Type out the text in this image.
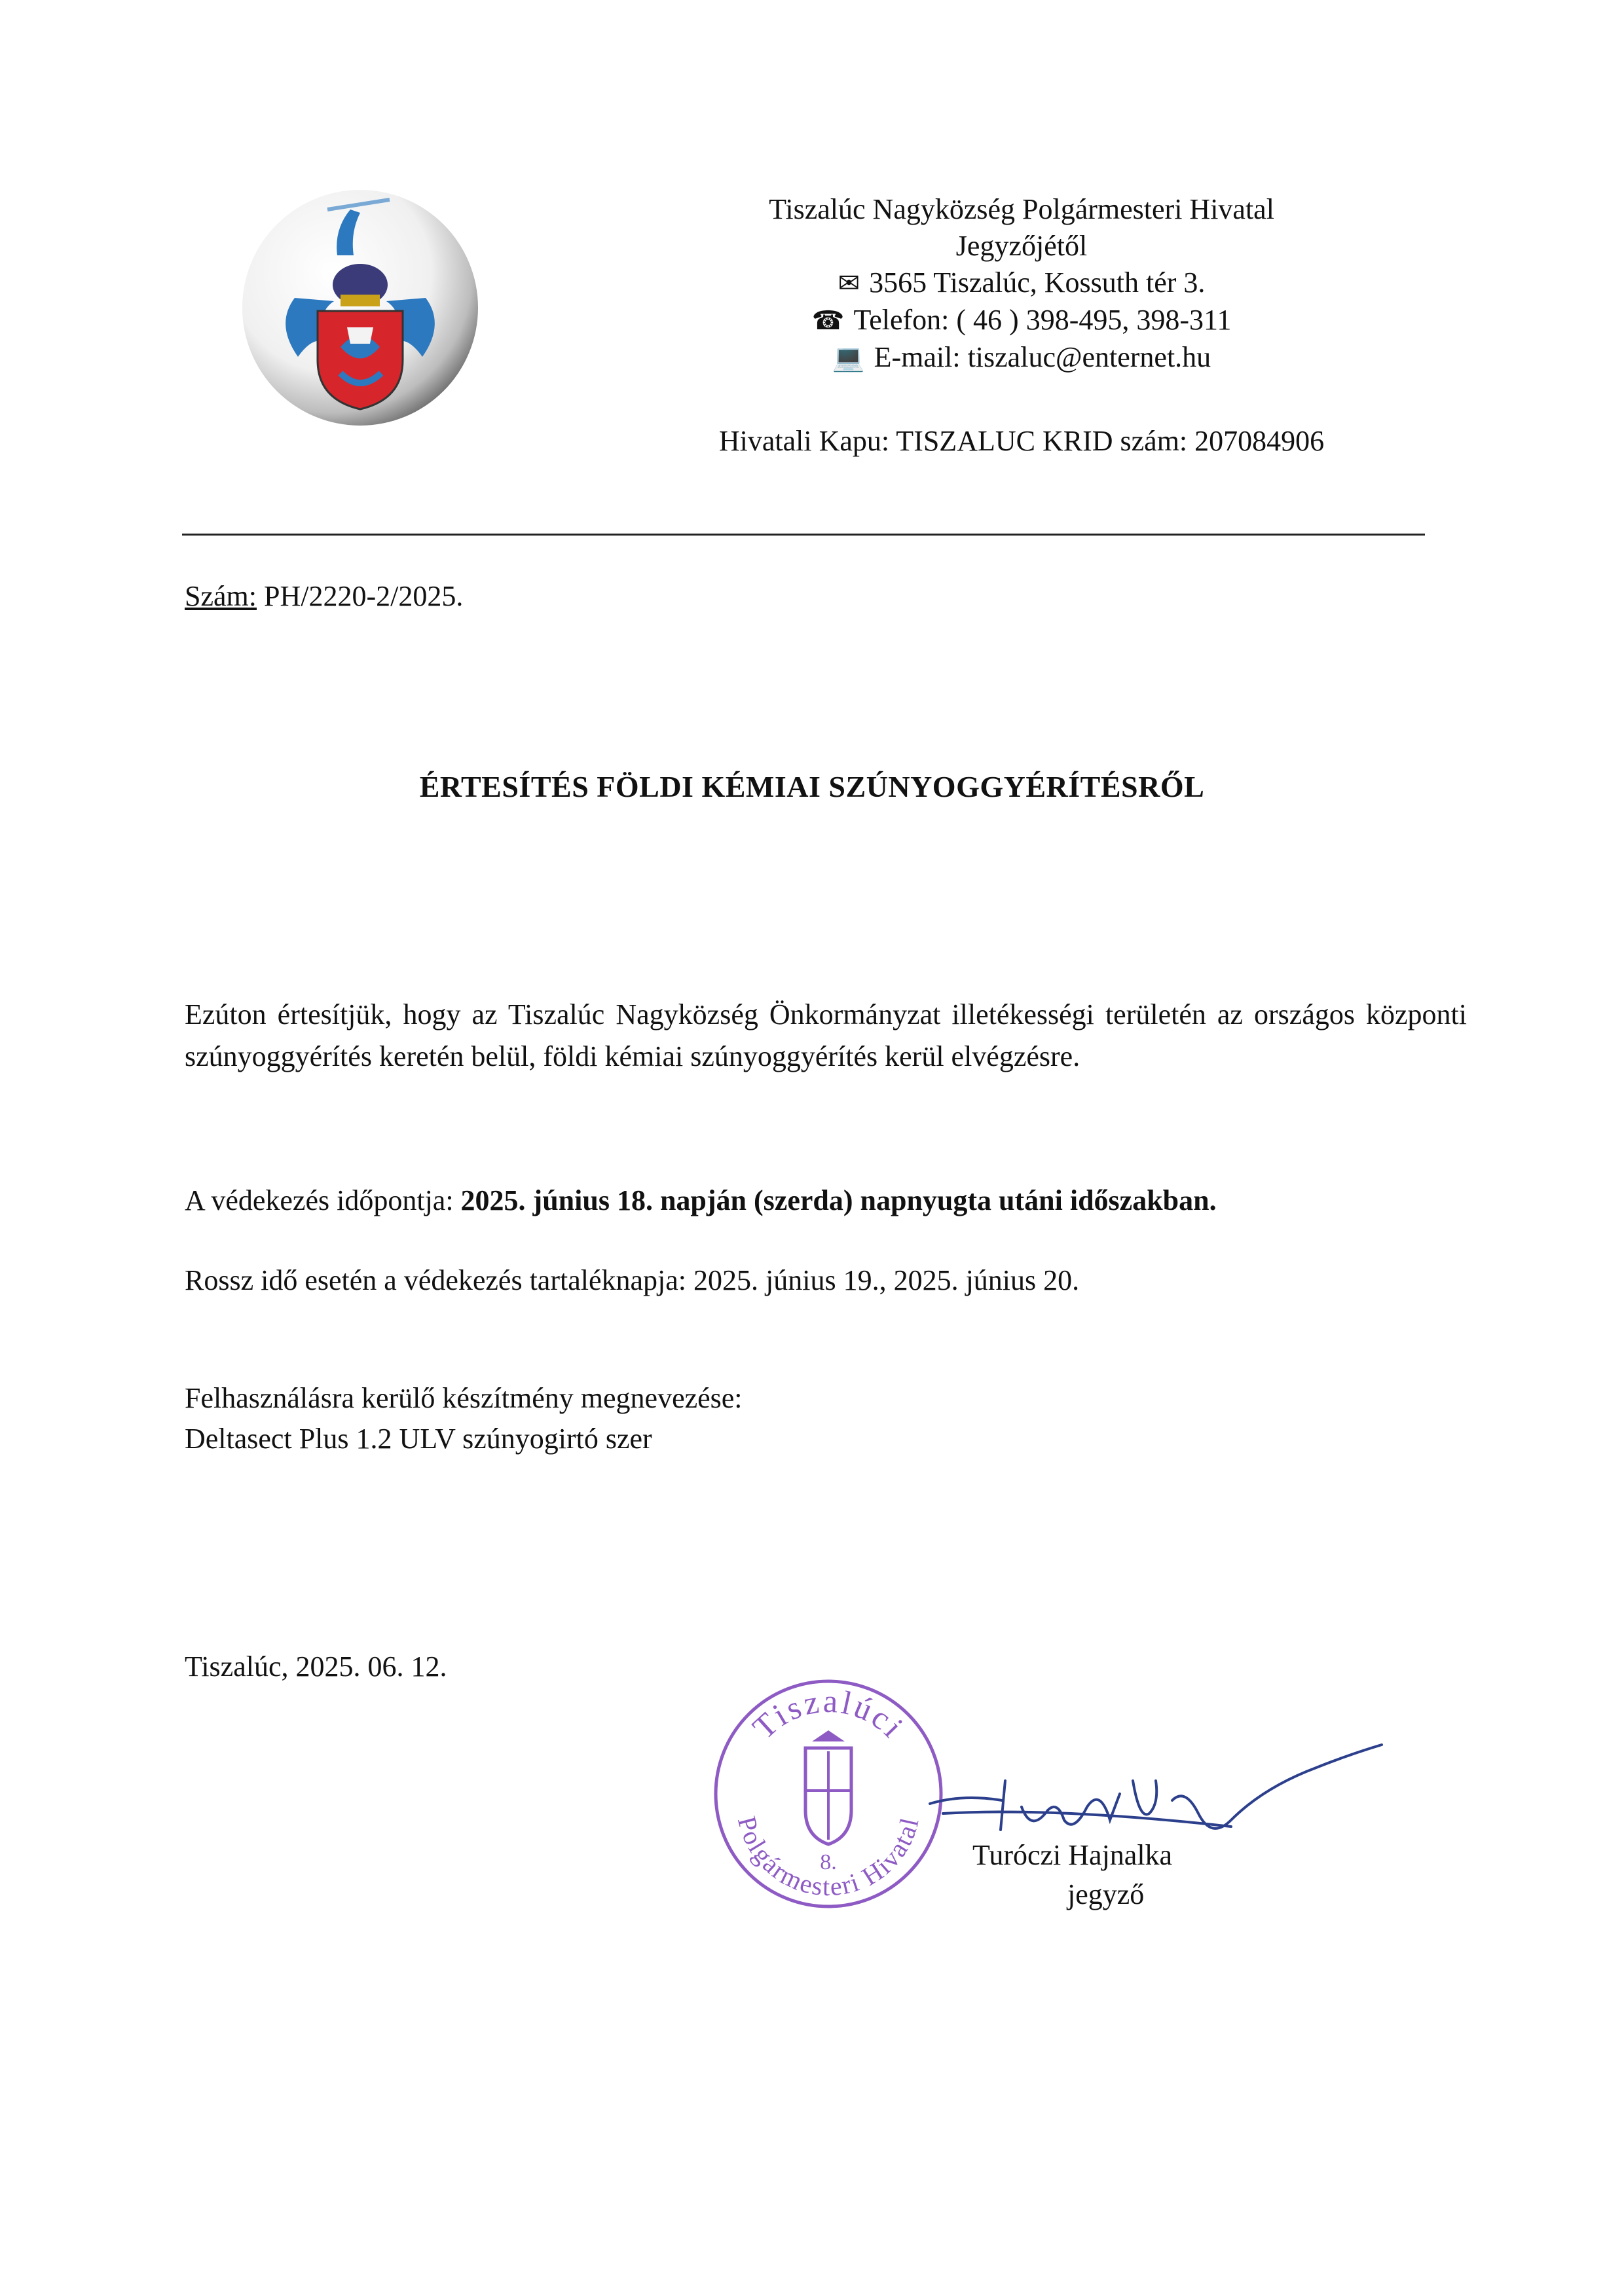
Tiszalúc Nagyközség Polgármesteri Hivatal
Jegyzőjétől
✉ 3565 Tiszalúc, Kossuth tér 3.
☎ Telefon: ( 46 ) 398-495, 398-311
💻 E-mail: tiszaluc@enternet.hu
Hivatali Kapu: TISZALUC KRID szám: 207084906
Szám: PH/2220-2/2025.
ÉRTESÍTÉS FÖLDI KÉMIAI SZÚNYOGGYÉRÍTÉSRŐL
Ezúton értesítjük, hogy az Tiszalúc Nagyközség Önkormányzat illetékességi területén az országos központi szúnyoggyérítés keretén belül, földi kémiai szúnyoggyérítés kerül elvégzésre.
A védekezés időpontja: 2025. június 18. napján (szerda) napnyugta utáni időszakban.
Rossz idő esetén a védekezés tartaléknapja: 2025. június 19., 2025. június 20.
Felhasználásra kerülő készítmény megnevezése:
Deltasect Plus 1.2 ULV szúnyogirtó szer
Tiszalúc, 2025. 06. 12.
Tiszalúci
Polgármesteri Hivatal
8.	Turóczi Hajnalka
jegyző
